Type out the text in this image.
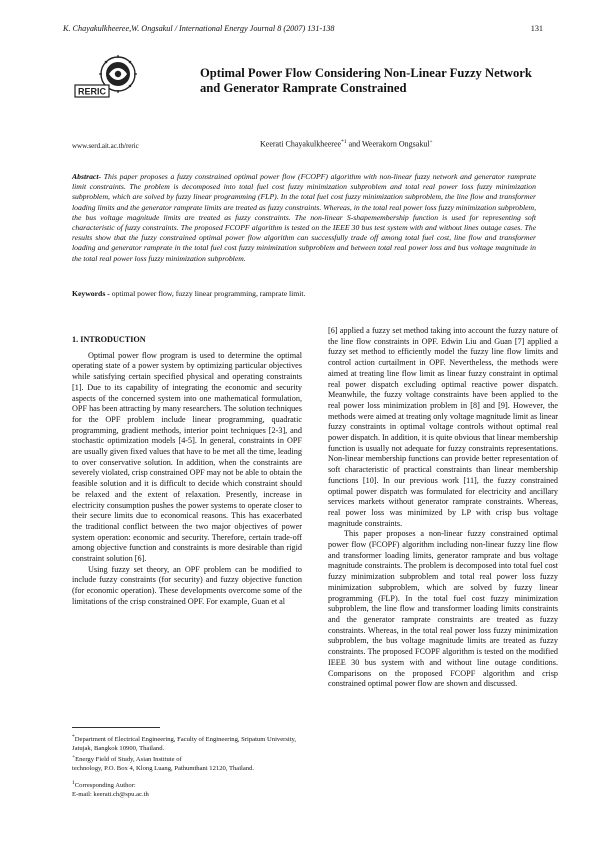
K. Chayakulkheeree,W. Ongsakul / International Energy Journal 8 (2007) 131-138	131
RERIC
www.serd.ait.ac.th/reric
Optimal Power Flow Considering Non-Linear Fuzzy Network and Generator Ramprate Constrained
Keerati Chayakulkheeree$^{*1}$ and Weerakorn Ongsakul+
Abstract- This paper proposes a fuzzy constrained optimal power flow (FCOPF) algorithm with non-linear fuzzy network and generator ramprate limit constraints. The problem is decomposed into total fuel cost fuzzy minimization subproblem and total real power loss fuzzy minimization subproblem, which are solved by fuzzy linear programming (FLP). In the total fuel cost fuzzy minimization subproblem, the line flow and transformer loading limits and the generator ramprate limits are treated as fuzzy constraints. Whereas, in the total real power loss fuzzy minimization subproblem, the bus voltage magnitude limits are treated as fuzzy constraints. The non-linear S-shapemembership function is used for representing soft characteristic of fuzzy constraints. The proposed FCOPF algorithm is tested on the IEEE 30 bus test system with and without lines outage cases. The results show that the fuzzy constrained optimal power flow algorithm can successfully trade off among total fuel cost, line flow and transformer loading and generator ramprate in the total fuel cost fuzzy minimization subproblem and between total real power loss and bus voltage magnitude in the total real power loss fuzzy minimization subproblem.
Keywords - optimal power flow, fuzzy linear programming, ramprate limit.

1. INTRODUCTION

Optimal power flow program is used to determine the optimal operating state of a power system by optimizing particular objectives while satisfying certain specified physical and operating constraints [1]. Due to its capability of integrating the economic and security aspects of the concerned system into one mathematical formulation, OPF has been attracting by many researchers. The solution techniques for the OPF problem include linear programming, quadratic programming, gradient methods, interior point techniques [2-3], and stochastic optimization models [4-5]. In general, constraints in OPF are usually given fixed values that have to be met all the time, leading to over conservative solution. In addition, when the constraints are severely violated, crisp constrained OPF may not be able to obtain the feasible solution and it is difficult to decide which constraint should be relaxed and the extent of relaxation. Presently, increase in electricity consumption pushes the power systems to operate closer to their secure limits due to economical reasons. This has exacerbated the traditional conflict between the two major objectives of power system operation: economic and security. Therefore, certain trade-off among objective function and constraints is more desirable than rigid constraint solution [6].

Using fuzzy set theory, an OPF problem can be modified to include fuzzy constraints (for security) and fuzzy objective function (for economic operation). These developments overcome some of the limitations of the crisp constrained OPF. For example, Guan et al

[6] applied a fuzzy set method taking into account the fuzzy nature of the line flow constraints in OPF. Edwin Liu and Guan [7] applied a fuzzy set method to efficiently model the fuzzy line flow limits and control action curtailment in OPF. Nevertheless, the methods were aimed at treating line flow limit as linear fuzzy constraint in optimal real power dispatch excluding optimal reactive power dispatch. Meanwhile, the fuzzy voltage constraints have been applied to the real power loss minimization problem in [8] and [9]. However, the methods were aimed at treating only voltage magnitude limit as linear fuzzy constraints in optimal voltage controls without optimal real power dispatch. In addition, it is quite obvious that linear membership function is usually not adequate for fuzzy constraints representations. Non-linear membership functions can provide better representation of soft characteristic of practical constraints than linear membership functions [10]. In our previous work [11], the fuzzy constrained optimal power dispatch was formulated for electricity and ancillary services markets without generator ramprate constraints. Whereas, real power loss was minimized by LP with crisp bus voltage magnitude constraints.

This paper proposes a non-linear fuzzy constrained optimal power flow (FCOPF) algorithm including non-linear fuzzy line flow and transformer loading limits, generator ramprate and bus voltage magnitude constraints. The problem is decomposed into total fuel cost fuzzy minimization subproblem and total real power loss fuzzy minimization subproblem, which are solved by fuzzy linear programming (FLP). In the total fuel cost fuzzy minimization subproblem, the line flow and transformer loading limits constraints and the generator ramprate constraints are treated as fuzzy constraints. Whereas, in the total real power loss fuzzy minimization subproblem, the bus voltage magnitude limits are treated as fuzzy constraints. The proposed FCOPF algorithm is tested on the modified IEEE 30 bus system with and without line outage conditions. Comparisons on the proposed FCOPF algorithm and crisp constrained optimal power flow are shown and discussed.

*Department of Electrical Engineering, Faculty of Engineering, Sripatum University, Jatujak, Bangkok 10900, Thailand.

+Energy Field of Study, Asian Institute of
technology, P.O. Box 4, Klong Luang, Pathumthani 12120, Thailand.

$^1$Corresponding Author:
E-mail: keerati.ch@spu.ac.th
